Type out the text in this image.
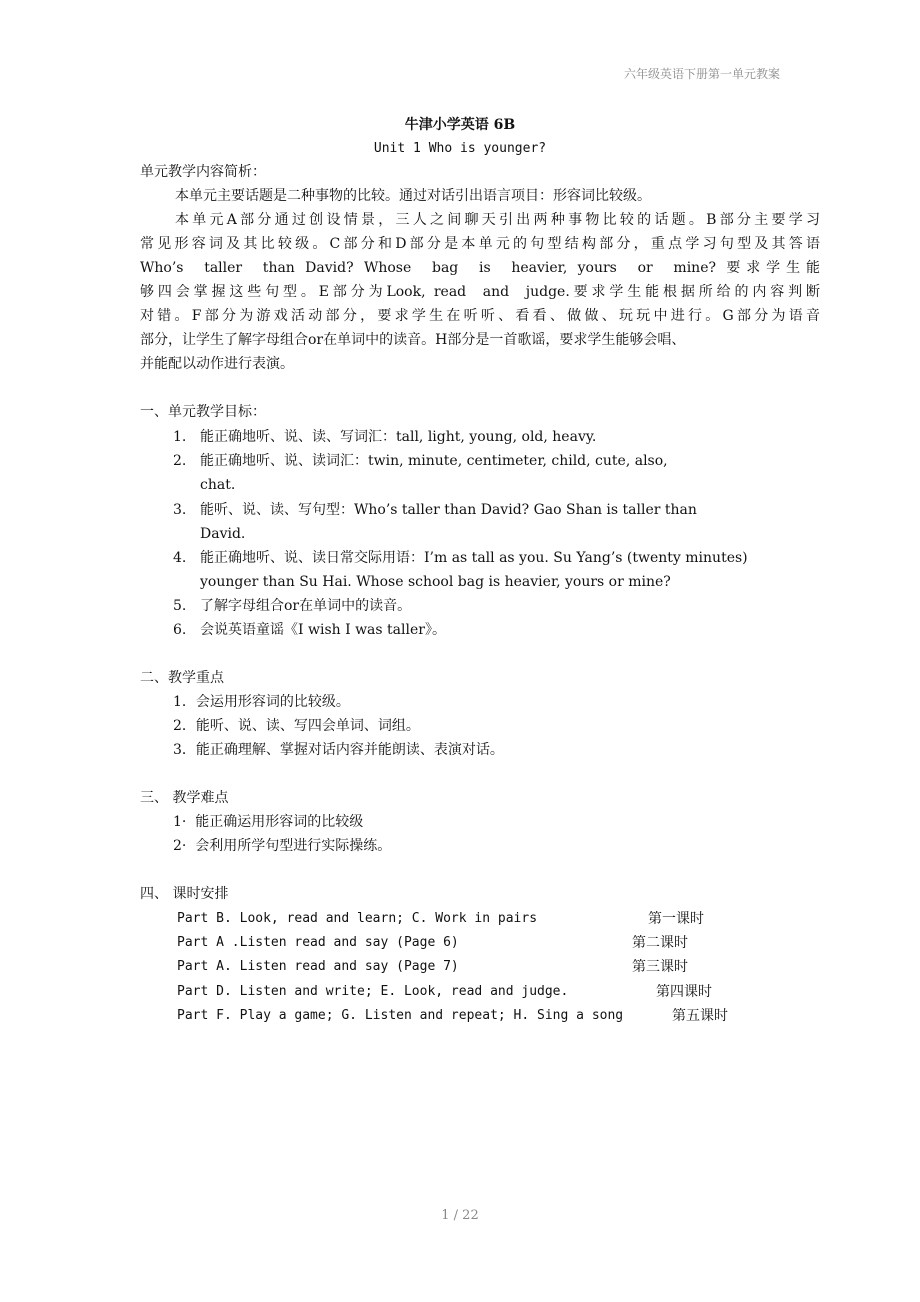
六年级英语下册第一单元教案
牛津小学英语 6B
Unit 1 Who is younger?
单元教学内容简析：
本单元主要话题是二种事物的比较。通过对话引出语言项目：形容词比较级。
本单元A部分通过创设情景，三人之间聊天引出两种事物比较的话题。B部分主要学习
常见形容词及其比较级。C部分和D部分是本单元的句型结构部分，重点学习句型及其答语
Who’s  taller  than David? Whose  bag  is  heavier, yours  or  mine? 要求学生能
够四会掌握这些句型。E部分为Look, read  and  judge.要求学生能根据所给的内容判断
对错。F部分为游戏活动部分，要求学生在听听、看看、做做、玩玩中进行。G部分为语音
部分，让学生了解字母组合or在单词中的读音。H部分是一首歌谣，要求学生能够会唱、
并能配以动作进行表演。
一、单元教学目标：
1. 能正确地听、说、读、写词汇：tall, light, young, old, heavy.
2. 能正确地听、说、读词汇：twin, minute, centimeter, child, cute, also,
chat.
3. 能听、说、读、写句型：Who’s taller than David? Gao Shan is taller than
David.
4. 能正确地听、说、读日常交际用语：I’m as tall as you. Su Yang’s (twenty minutes)
younger than Su Hai. Whose school bag is heavier, yours or mine?
5. 了解字母组合or在单词中的读音。
6. 会说英语童谣《I wish I was taller》。
二、教学重点
1．会运用形容词的比较级。
2．能听、说、读、写四会单词、词组。
3．能正确理解、掌握对话内容并能朗读、表演对话。
三、 教学难点
1·  能正确运用形容词的比较级
2·  会利用所学句型进行实际操练。
四、 课时安排
Part B. Look, read and learn; C. Work in pairs	第一课时
Part A .Listen read and say (Page 6)	第二课时
Part A. Listen read and say (Page 7)	第三课时
Part D. Listen and write; E. Look, read and judge.	第四课时
Part F. Play a game; G. Listen and repeat; H. Sing a song	第五课时
1 / 22
